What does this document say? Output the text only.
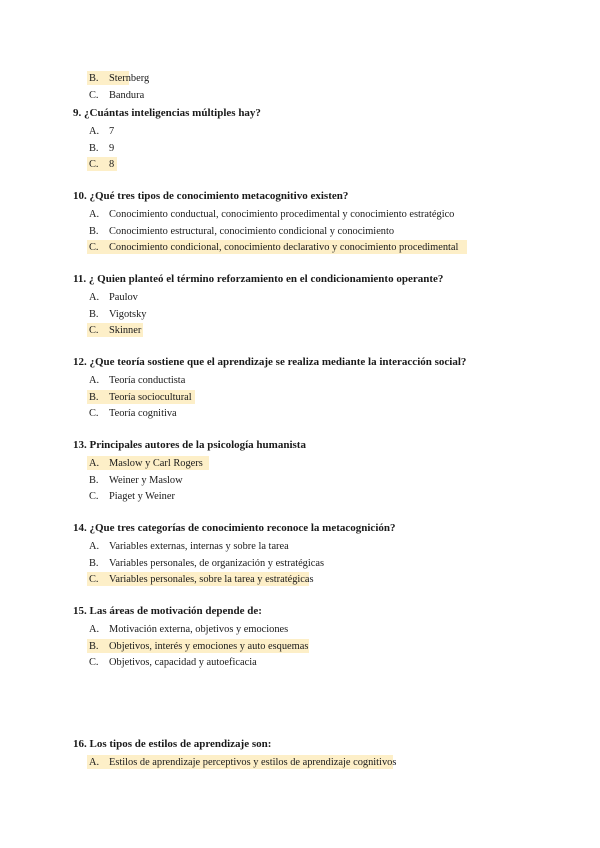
B. Sternberg
C. Bandura
9. ¿Cuántas inteligencias múltiples hay?
A. 7
B. 9
C. 8
10. ¿Qué tres tipos de conocimiento metacognitivo existen?
A. Conocimiento conductual, conocimiento procedimental y conocimiento estratégico
B. Conocimiento estructural, conocimiento condicional y conocimiento
C. Conocimiento condicional, conocimiento declarativo y conocimiento procedimental
11. ¿ Quien planteó el término reforzamiento en el condicionamiento operante?
A. Paulov
B. Vigotsky
C. Skinner
12. ¿Que teoría sostiene que el aprendizaje se realiza mediante la interacción social?
A. Teoría conductista
B. Teoría sociocultural
C. Teoría cognitiva
13. Principales autores de la psicología humanista
A. Maslow y Carl Rogers
B. Weiner y Maslow
C. Piaget y Weiner
14. ¿Que tres categorías de conocimiento reconoce la metacognición?
A. Variables externas, internas y sobre la tarea
B. Variables personales, de organización y estratégicas
C. Variables personales, sobre la tarea y estratégicas
15. Las áreas de motivación depende de:
A. Motivación externa, objetivos y emociones
B. Objetivos, interés y emociones y auto esquemas
C. Objetivos, capacidad y autoeficacia
16. Los tipos de estilos de aprendizaje son:
A. Estilos de aprendizaje perceptivos y estilos de aprendizaje cognitivos
